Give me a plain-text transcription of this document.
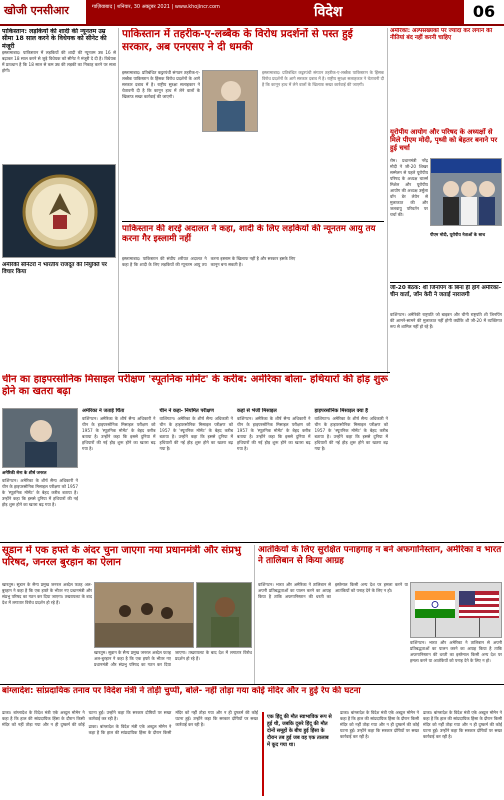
खोजी एनसीआर	गाज़ियाबाद | शनिवार, 30 अक्टूबर 2021 | www.khojincr.com	विदेश	06

पाकिस्तान: लड़कियों की शादी की न्यूनतम उम्र सीमा 18 साल करने के विधेयक को सीनेट की मंजूरी

इस्लामाबाद। पाकिस्तान में लड़कियों की शादी की न्यूनतम उम्र 16 से बढ़ाकर 18 साल करने से जुड़े विधेयक को सीनेट ने मंजूरी दे दी है। विधेयक में प्रावधान है कि 18 साल से कम उम्र की लड़की का निकाह करने पर सजा होगी।

अमेरिकी सीनेटरों ने भारतीय राजदूत की नियुक्ति पर विचार किया

पाकिस्तान में तहरीक-ए-लब्बैक के विरोध प्रदर्शनों से पस्त हुई सरकार, अब एनएसए ने दी धमकी

इस्लामाबाद। प्रतिबंधित कट्टरपंथी संगठन तहरीक-ए-लब्बैक पाकिस्तान के हिंसक विरोध प्रदर्शनों के आगे सरकार दबाव में है। राष्ट्रीय सुरक्षा सलाहकार ने चेतावनी दी है कि कानून हाथ में लेने वालों के खिलाफ सख्त कार्रवाई की जाएगी।

इस्लामाबाद। प्रतिबंधित कट्टरपंथी संगठन तहरीक-ए-लब्बैक पाकिस्तान के हिंसक विरोध प्रदर्शनों के आगे सरकार दबाव में है। राष्ट्रीय सुरक्षा सलाहकार ने चेतावनी दी है कि कानून हाथ में लेने वालों के खिलाफ सख्त कार्रवाई की जाएगी।

पाकिस्तान की शरई अदालत ने कहा, शादी के लिए लड़कियों की न्यूनतम आयु तय करना गैर इस्लामी नहीं

इस्लामाबाद। पाकिस्तान की संघीय शरीयत अदालत ने कहा है कि शादी के लिए लड़कियों की न्यूनतम आयु तय करना इस्लाम के खिलाफ नहीं है और सरकार इसके लिए कानून बना सकती है।

अमेरिका: अल्पसंख्यकों पर ज्यादा कर लगाने की नीतियां बंद नहीं करनी चाहिए

यूरोपीय आयोग और परिषद के अध्यक्षों से मिले पीएम मोदी, पृथ्वी को बेहतर बनाने पर हुई चर्चा

रोम। प्रधानमंत्री नरेंद्र मोदी ने जी-20 शिखर सम्मेलन से पहले यूरोपीय परिषद के अध्यक्ष चार्ल्स मिशेल और यूरोपीय आयोग की अध्यक्ष उर्सुला वॉन डेर लेयेन से मुलाकात की और जलवायु परिवर्तन पर चर्चा की।

पीएम मोदी, यूरोपीय नेताओं के साथ

जी-20 बैठक: शी जिनपिंग के बिना ही होंगे अमेरिका-चीन वार्ता, जॉन केरी ने जताई नाराजगी

वाशिंगटन। अमेरिकी राष्ट्रपति जो बाइडन और चीनी राष्ट्रपति शी जिनपिंग की आमने-सामने की मुलाकात नहीं होगी क्योंकि शी जी-20 में व्यक्तिगत रूप से शामिल नहीं हो रहे हैं।

चीन का हाइपरसोनिक मिसाइल परीक्षण 'स्पूतनिक मोमेंट' के करीब: अमेरिका बोला- हथियारों की होड़ शुरू होने का खतरा बढ़ा

अमेरिकी सेना के शीर्ष जनरल

वाशिंगटन। अमेरिका के शीर्ष सैन्य अधिकारी ने चीन के हाइपरसोनिक मिसाइल परीक्षण को 1957 के 'स्पूतनिक मोमेंट' के बेहद करीब बताया है। उन्होंने कहा कि इससे दुनिया में हथियारों की नई होड़ शुरू होने का खतरा बढ़ गया है।

अमेरिका ने जताई चिंता

वाशिंगटन। अमेरिका के शीर्ष सैन्य अधिकारी ने चीन के हाइपरसोनिक मिसाइल परीक्षण को 1957 के 'स्पूतनिक मोमेंट' के बेहद करीब बताया है। उन्होंने कहा कि इससे दुनिया में हथियारों की नई होड़ शुरू होने का खतरा बढ़ गया है।

चीन ने कहा- नियमित परीक्षण

वाशिंगटन। अमेरिका के शीर्ष सैन्य अधिकारी ने चीन के हाइपरसोनिक मिसाइल परीक्षण को 1957 के 'स्पूतनिक मोमेंट' के बेहद करीब बताया है। उन्होंने कहा कि इससे दुनिया में हथियारों की नई होड़ शुरू होने का खतरा बढ़ गया है।

कहां से भेजी मिसाइल

वाशिंगटन। अमेरिका के शीर्ष सैन्य अधिकारी ने चीन के हाइपरसोनिक मिसाइल परीक्षण को 1957 के 'स्पूतनिक मोमेंट' के बेहद करीब बताया है। उन्होंने कहा कि इससे दुनिया में हथियारों की नई होड़ शुरू होने का खतरा बढ़ गया है।

हाइपरसोनिक मिसाइल क्या है

वाशिंगटन। अमेरिका के शीर्ष सैन्य अधिकारी ने चीन के हाइपरसोनिक मिसाइल परीक्षण को 1957 के 'स्पूतनिक मोमेंट' के बेहद करीब बताया है। उन्होंने कहा कि इससे दुनिया में हथियारों की नई होड़ शुरू होने का खतरा बढ़ गया है।

सूडान में एक हफ्ते के अंदर चुना जाएगा नया प्रधानमंत्री और संप्रभु परिषद, जनरल बुरहान का ऐलान

खारतूम। सूडान के सैन्य प्रमुख जनरल अब्देल फतह अल-बुरहान ने कहा है कि एक हफ्ते के भीतर नए प्रधानमंत्री और संप्रभु परिषद का गठन कर दिया जाएगा। तख्तापलट के बाद देश में लगातार विरोध प्रदर्शन हो रहे हैं।

खारतूम। सूडान के सैन्य प्रमुख जनरल अब्देल फतह अल-बुरहान ने कहा है कि एक हफ्ते के भीतर नए प्रधानमंत्री और संप्रभु परिषद का गठन कर दिया जाएगा। तख्तापलट के बाद देश में लगातार विरोध प्रदर्शन हो रहे हैं।

आतंकियों के लिए सुरक्षित पनाहगाह न बने अफगानिस्तान, अमेरिका व भारत ने तालिबान से किया आग्रह

वाशिंगटन। भारत और अमेरिका ने तालिबान से अपनी प्रतिबद्धताओं का पालन करने का आग्रह किया है ताकि अफगानिस्तान की धरती का इस्तेमाल किसी अन्य देश पर हमला करने या आतंकियों को पनाह देने के लिए न हो।

वाशिंगटन। भारत और अमेरिका ने तालिबान से अपनी प्रतिबद्धताओं का पालन करने का आग्रह किया है ताकि अफगानिस्तान की धरती का इस्तेमाल किसी अन्य देश पर हमला करने या आतंकियों को पनाह देने के लिए न हो।

बांग्लादेश: सांप्रदायिक तनाव पर विदेश मंत्री ने तोड़ी चुप्पी, बोले- नहीं तोड़ा गया कोई मंदिर और न हुई रेप की घटना

ढाका। बांग्लादेश के विदेश मंत्री एके अब्दुल मोमेन ने कहा है कि हाल की सांप्रदायिक हिंसा के दौरान किसी मंदिर को नहीं तोड़ा गया और न ही दुष्कर्म की कोई घटना हुई। उन्होंने कहा कि सरकार दोषियों पर सख्त कार्रवाई कर रही है।

ढाका। बांग्लादेश के विदेश मंत्री एके अब्दुल मोमेन ने कहा है कि हाल की सांप्रदायिक हिंसा के दौरान किसी मंदिर को नहीं तोड़ा गया और न ही दुष्कर्म की कोई घटना हुई। उन्होंने कहा कि सरकार दोषियों पर सख्त कार्रवाई कर रही है।

एक हिंदू की मौत स्वाभाविक रूप से हुई थी, जबकि दूसरे हिंदू की मौत दोनों समूहों के बीच हुई हिंसा के दौरान तब हुई जब वह एक तालाब में कूद गया था।

ढाका। बांग्लादेश के विदेश मंत्री एके अब्दुल मोमेन ने कहा है कि हाल की सांप्रदायिक हिंसा के दौरान किसी मंदिर को नहीं तोड़ा गया और न ही दुष्कर्म की कोई घटना हुई। उन्होंने कहा कि सरकार दोषियों पर सख्त कार्रवाई कर रही है।

ढाका। बांग्लादेश के विदेश मंत्री एके अब्दुल मोमेन ने कहा है कि हाल की सांप्रदायिक हिंसा के दौरान किसी मंदिर को नहीं तोड़ा गया और न ही दुष्कर्म की कोई घटना हुई। उन्होंने कहा कि सरकार दोषियों पर सख्त कार्रवाई कर रही है।
